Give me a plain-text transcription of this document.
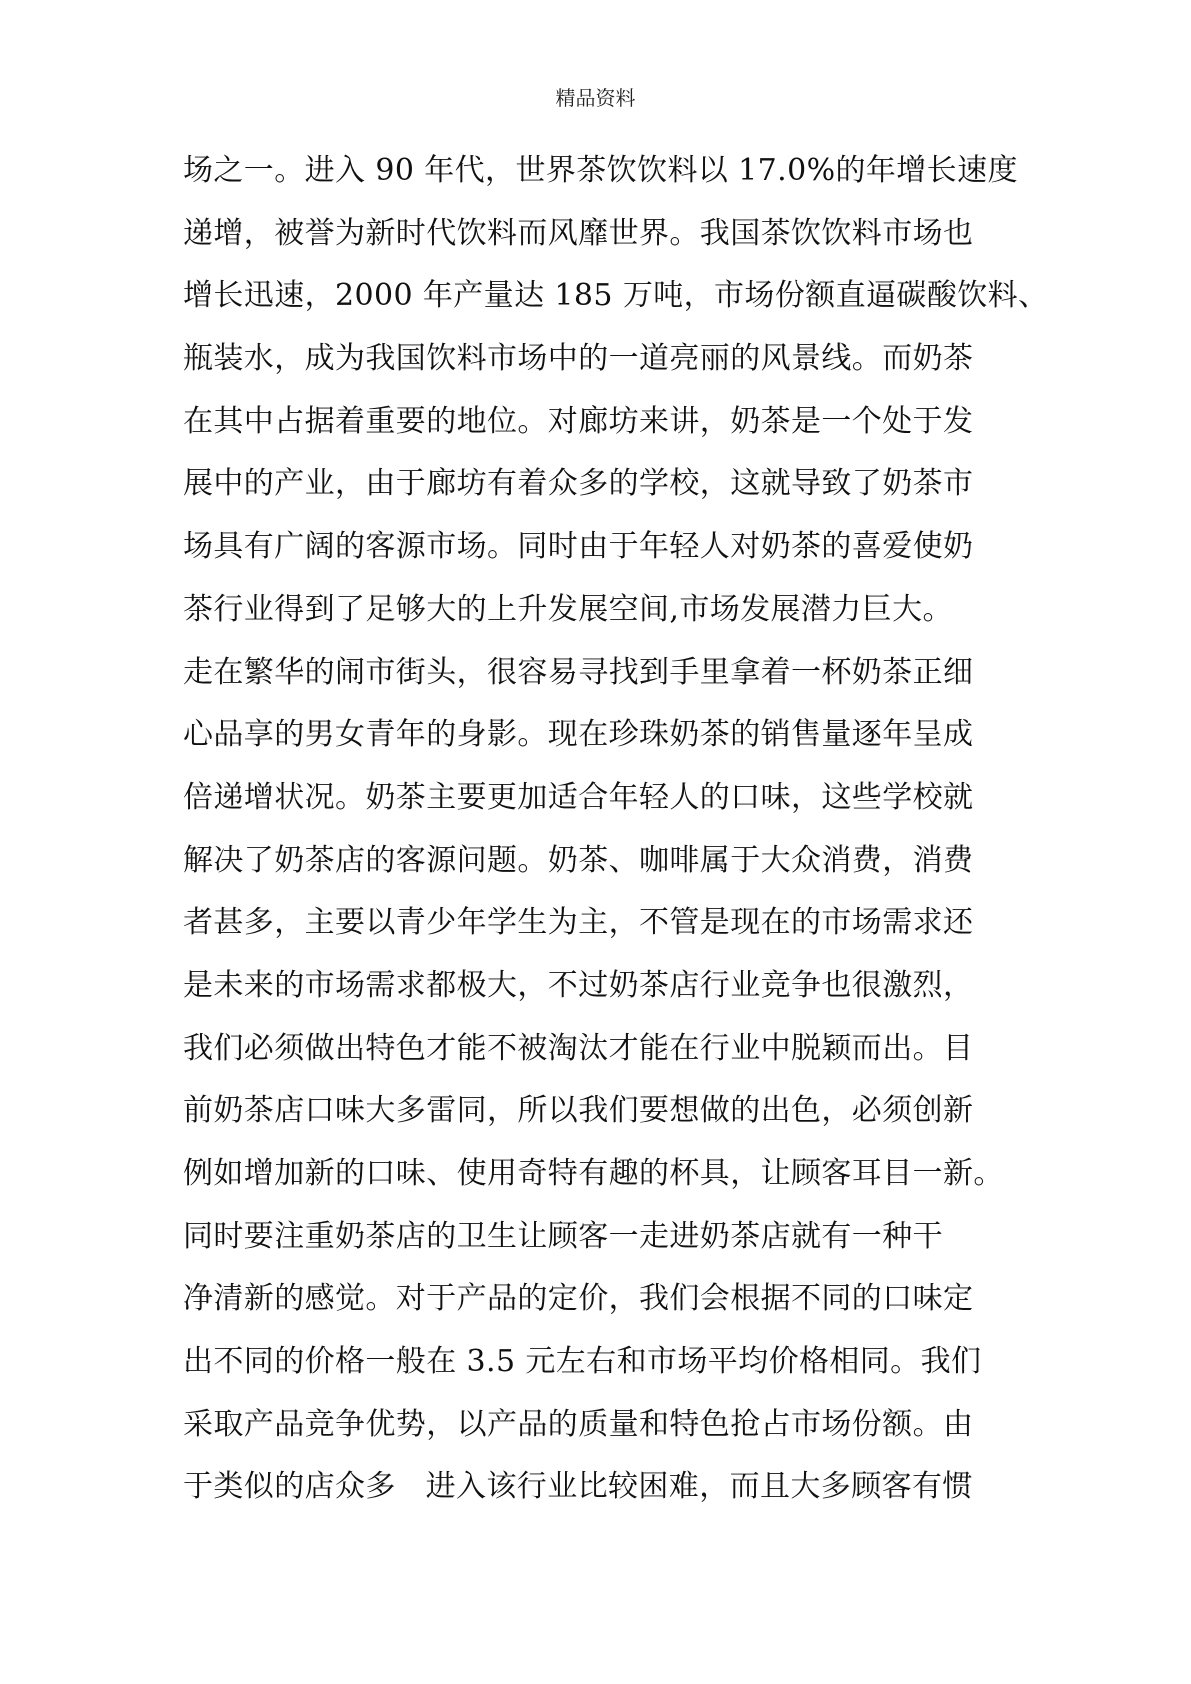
精品资料
场之一。进入 90 年代，世界茶饮饮料以 17.0%的年增长速度
递增，被誉为新时代饮料而风靡世界。我国茶饮饮料市场也
增长迅速，2000 年产量达 185 万吨，市场份额直逼碳酸饮料、
瓶装水，成为我国饮料市场中的一道亮丽的风景线。而奶茶
在其中占据着重要的地位。对廊坊来讲，奶茶是一个处于发
展中的产业，由于廊坊有着众多的学校，这就导致了奶茶市
场具有广阔的客源市场。同时由于年轻人对奶茶的喜爱使奶
茶行业得到了足够大的上升发展空间,市场发展潜力巨大。
走在繁华的闹市街头，很容易寻找到手里拿着一杯奶茶正细
心品享的男女青年的身影。现在珍珠奶茶的销售量逐年呈成
倍递增状况。奶茶主要更加适合年轻人的口味，这些学校就
解决了奶茶店的客源问题。奶茶、咖啡属于大众消费，消费
者甚多，主要以青少年学生为主，不管是现在的市场需求还
是未来的市场需求都极大，不过奶茶店行业竞争也很激烈，
我们必须做出特色才能不被淘汰才能在行业中脱颖而出。目
前奶茶店口味大多雷同，所以我们要想做的出色，必须创新
例如增加新的口味、使用奇特有趣的杯具，让顾客耳目一新。
同时要注重奶茶店的卫生让顾客一走进奶茶店就有一种干
净清新的感觉。对于产品的定价，我们会根据不同的口味定
出不同的价格一般在 3.5 元左右和市场平均价格相同。我们
采取产品竞争优势，以产品的质量和特色抢占市场份额。由
于类似的店众多   进入该行业比较困难，而且大多顾客有惯
